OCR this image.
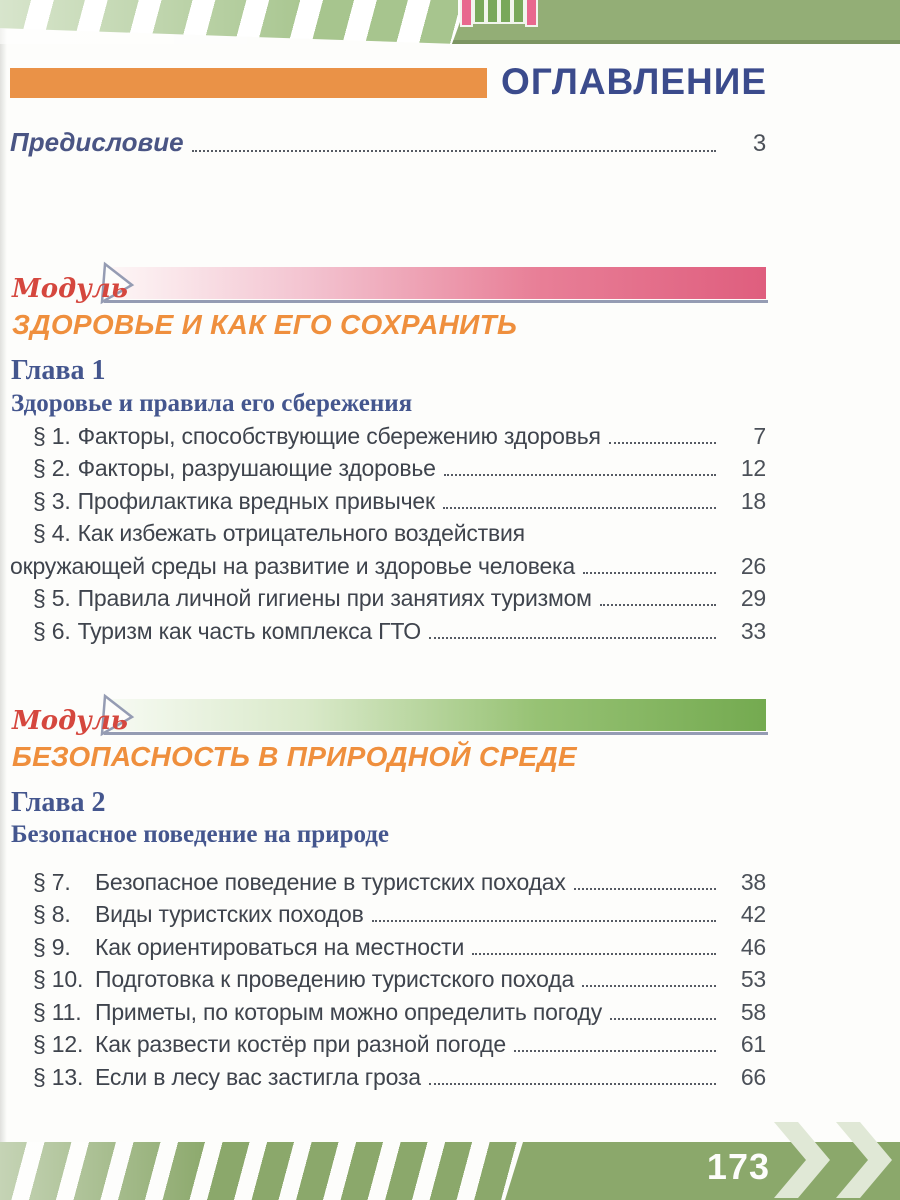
ОГЛАВЛЕНИЕ
Предисловие	3
Модуль
ЗДОРОВЬЕ И КАК ЕГО СОХРАНИТЬ
Глава 1
Здоровье и правила его сбережения
§ 1. Факторы, способствующие сбережению здоровья	7
§ 2. Факторы, разрушающие здоровье	12
§ 3. Профилактика вредных привычек	18
§ 4. Как избежать отрицательного воздействия
окружающей среды на развитие и здоровье человека	26
§ 5. Правила личной гигиены при занятиях туризмом	29
§ 6. Туризм как часть комплекса ГТО	33
Модуль
БЕЗОПАСНОСТЬ В ПРИРОДНОЙ СРЕДЕ
Глава 2
Безопасное поведение на природе
§ 7.	Безопасное поведение в туристских походах	38
§ 8.	Виды туристских походов	42
§ 9.	Как ориентироваться на местности	46
§ 10. Подготовка к проведению туристского похода	53
§ 11. Приметы, по которым можно определить погоду	58
§ 12. Как развести костёр при разной погоде	61
§ 13. Если в лесу вас застигла гроза	66
173
